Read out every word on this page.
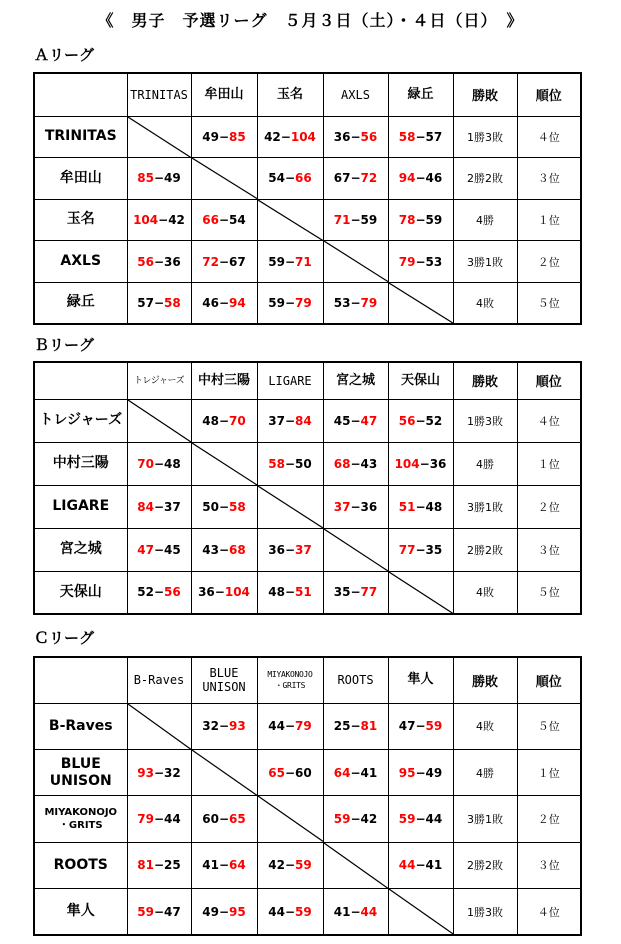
《　男子　予選リーグ　５月３日（土）・４日（日）　》
Ａリーグ
	TRINITAS	牟田山	玉名	AXLS	緑丘	勝敗	順位
TRINITAS		49−85	42−104	36−56	58−57	1勝3敗	４位
牟田山	85−49		54−66	67−72	94−46	2勝2敗	３位
玉名	104−42	66−54		71−59	78−59	4勝	１位
AXLS	56−36	72−67	59−71		79−53	3勝1敗	２位
緑丘	57−58	46−94	59−79	53−79		4敗	５位
Ｂリーグ
	トレジャーズ	中村三陽	LIGARE	宮之城	天保山	勝敗	順位
トレジャーズ		48−70	37−84	45−47	56−52	1勝3敗	４位
中村三陽	70−48		58−50	68−43	104−36	4勝	１位
LIGARE	84−37	50−58		37−36	51−48	3勝1敗	２位
宮之城	47−45	43−68	36−37		77−35	2勝2敗	３位
天保山	52−56	36−104	48−51	35−77		4敗	５位
Ｃリーグ
	B-Raves	BLUE
UNISON	MIYAKONOJO
・GRITS	ROOTS	隼人	勝敗	順位
B-Raves		32−93	44−79	25−81	47−59	4敗	５位
BLUE
UNISON	93−32		65−60	64−41	95−49	4勝	１位
MIYAKONOJO
・GRITS	79−44	60−65		59−42	59−44	3勝1敗	２位
ROOTS	81−25	41−64	42−59		44−41	2勝2敗	３位
隼人	59−47	49−95	44−59	41−44		1勝3敗	４位
